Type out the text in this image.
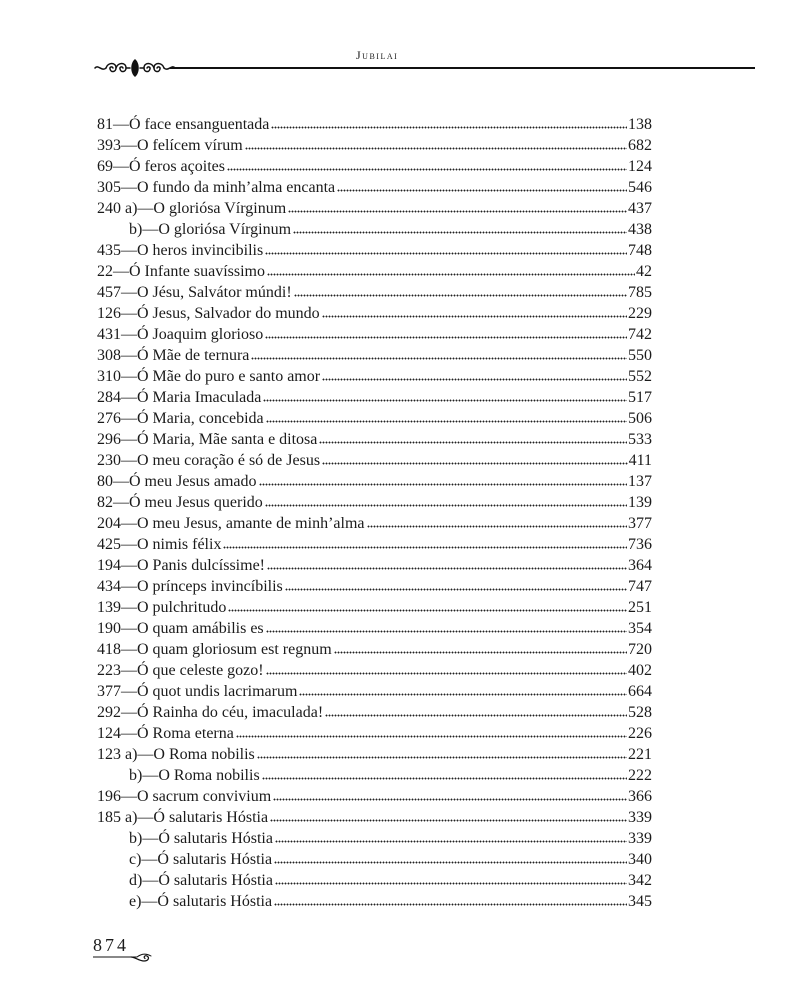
Jubilai
81—Ó face ensanguentada	138
393—O felícem vírum	682
69—Ó feros açoites	124
305—O fundo da minh’alma encanta	546
240 a)—O gloriósa Vírginum	437
b)—O gloriósa Vírginum	438
435—O heros invincibilis	748
22—Ó Infante suavíssimo	42
457—O Jésu, Salvátor múndi!	785
126—Ó Jesus, Salvador do mundo	229
431—Ó Joaquim glorioso	742
308—Ó Mãe de ternura	550
310—Ó Mãe do puro e santo amor	552
284—Ó Maria Imaculada	517
276—Ó Maria, concebida	506
296—Ó Maria, Mãe santa e ditosa	533
230—O meu coração é só de Jesus	411
80—Ó meu Jesus amado	137
82—Ó meu Jesus querido	139
204—O meu Jesus, amante de minh’alma	377
425—O nimis félix	736
194—O Panis dulcíssime!	364
434—O prínceps invincíbilis	747
139—O pulchritudo	251
190—O quam amábilis es	354
418—O quam gloriosum est regnum	720
223—Ó que celeste gozo!	402
377—Ó quot undis lacrimarum	664
292—Ó Rainha do céu, imaculada!	528
124—Ó Roma eterna	226
123 a)—O Roma nobilis	221
b)—O Roma nobilis	222
196—O sacrum convivium	366
185 a)—Ó salutaris Hóstia	339
b)—Ó salutaris Hóstia	339
c)—Ó salutaris Hóstia	340
d)—Ó salutaris Hóstia	342
e)—Ó salutaris Hóstia	345
874
